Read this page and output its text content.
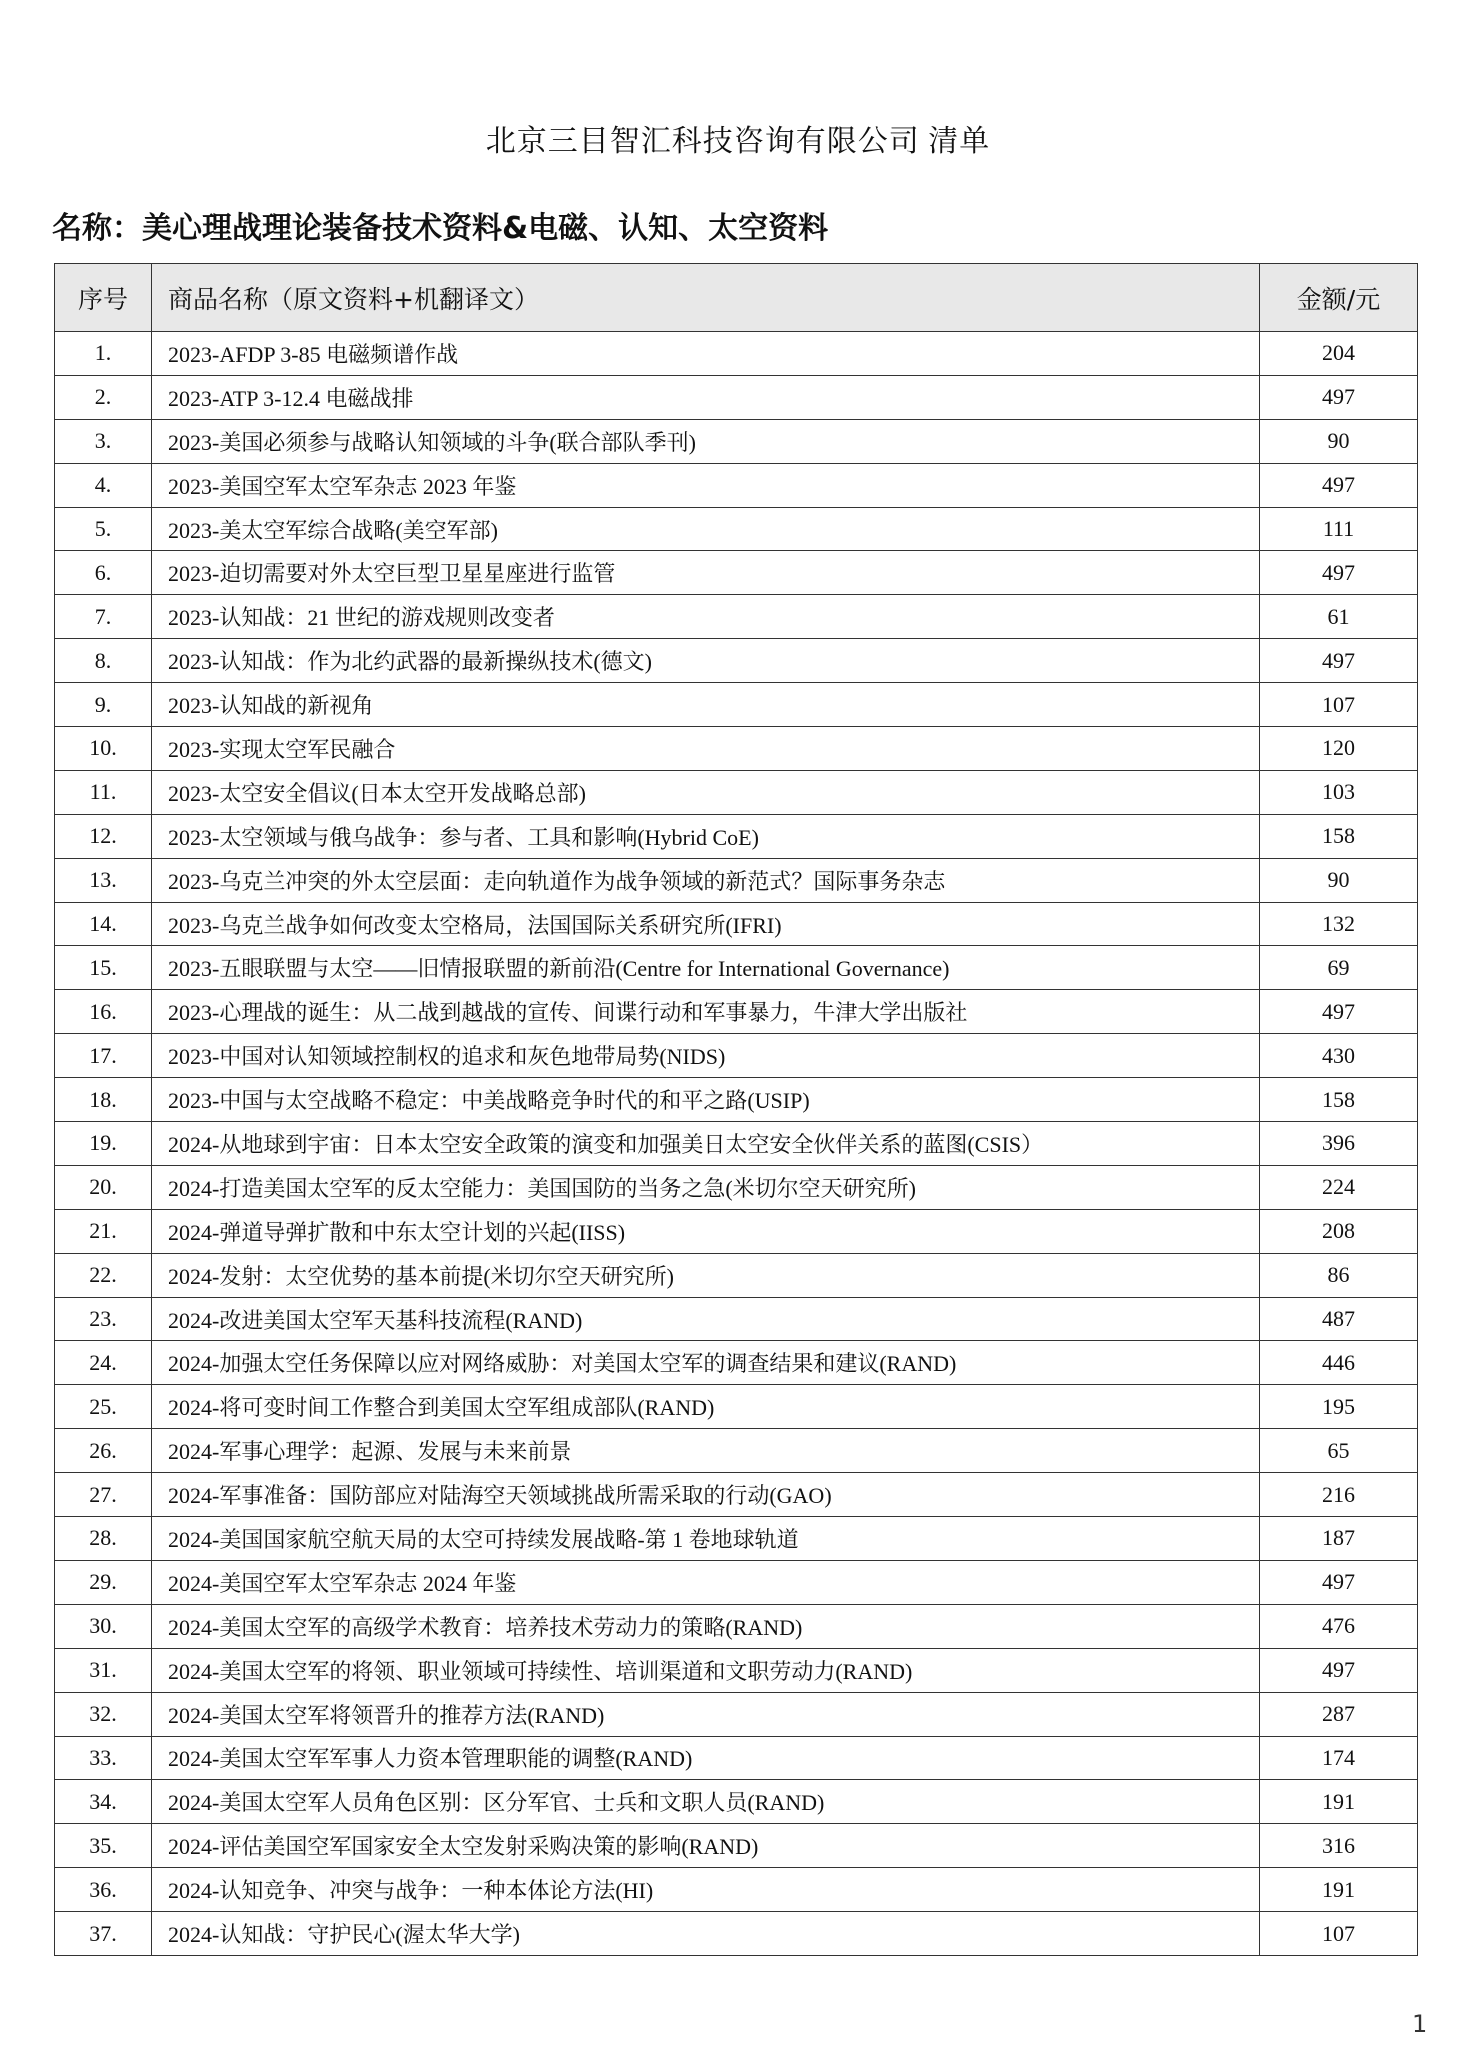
北京三目智汇科技咨询有限公司 清单
名称：美心理战理论装备技术资料&电磁、认知、太空资料
序号	商品名称（原文资料+机翻译文）	金额/元
1.	2023-AFDP 3-85 电磁频谱作战	204
2.	2023-ATP 3-12.4 电磁战排	497
3.	2023-美国必须参与战略认知领域的斗争(联合部队季刊)	90
4.	2023-美国空军太空军杂志 2023 年鉴	497
5.	2023-美太空军综合战略(美空军部)	111
6.	2023-迫切需要对外太空巨型卫星星座进行监管	497
7.	2023-认知战：21 世纪的游戏规则改变者	61
8.	2023-认知战：作为北约武器的最新操纵技术(德文)	497
9.	2023-认知战的新视角	107
10.	2023-实现太空军民融合	120
11.	2023-太空安全倡议(日本太空开发战略总部)	103
12.	2023-太空领域与俄乌战争：参与者、工具和影响(Hybrid CoE)	158
13.	2023-乌克兰冲突的外太空层面：走向轨道作为战争领域的新范式？国际事务杂志	90
14.	2023-乌克兰战争如何改变太空格局，法国国际关系研究所(IFRI)	132
15.	2023-五眼联盟与太空——旧情报联盟的新前沿(Centre for International Governance)	69
16.	2023-心理战的诞生：从二战到越战的宣传、间谍行动和军事暴力，牛津大学出版社	497
17.	2023-中国对认知领域控制权的追求和灰色地带局势(NIDS)	430
18.	2023-中国与太空战略不稳定：中美战略竞争时代的和平之路(USIP)	158
19.	2024-从地球到宇宙：日本太空安全政策的演变和加强美日太空安全伙伴关系的蓝图(CSIS）	396
20.	2024-打造美国太空军的反太空能力：美国国防的当务之急(米切尔空天研究所)	224
21.	2024-弹道导弹扩散和中东太空计划的兴起(IISS)	208
22.	2024-发射：太空优势的基本前提(米切尔空天研究所)	86
23.	2024-改进美国太空军天基科技流程(RAND)	487
24.	2024-加强太空任务保障以应对网络威胁：对美国太空军的调查结果和建议(RAND)	446
25.	2024-将可变时间工作整合到美国太空军组成部队(RAND)	195
26.	2024-军事心理学：起源、发展与未来前景	65
27.	2024-军事准备：国防部应对陆海空天领域挑战所需采取的行动(GAO)	216
28.	2024-美国国家航空航天局的太空可持续发展战略-第 1 卷地球轨道	187
29.	2024-美国空军太空军杂志 2024 年鉴	497
30.	2024-美国太空军的高级学术教育：培养技术劳动力的策略(RAND)	476
31.	2024-美国太空军的将领、职业领域可持续性、培训渠道和文职劳动力(RAND)	497
32.	2024-美国太空军将领晋升的推荐方法(RAND)	287
33.	2024-美国太空军军事人力资本管理职能的调整(RAND)	174
34.	2024-美国太空军人员角色区别：区分军官、士兵和文职人员(RAND)	191
35.	2024-评估美国空军国家安全太空发射采购决策的影响(RAND)	316
36.	2024-认知竞争、冲突与战争：一种本体论方法(HI)	191
37.	2024-认知战：守护民心(渥太华大学)	107
1
